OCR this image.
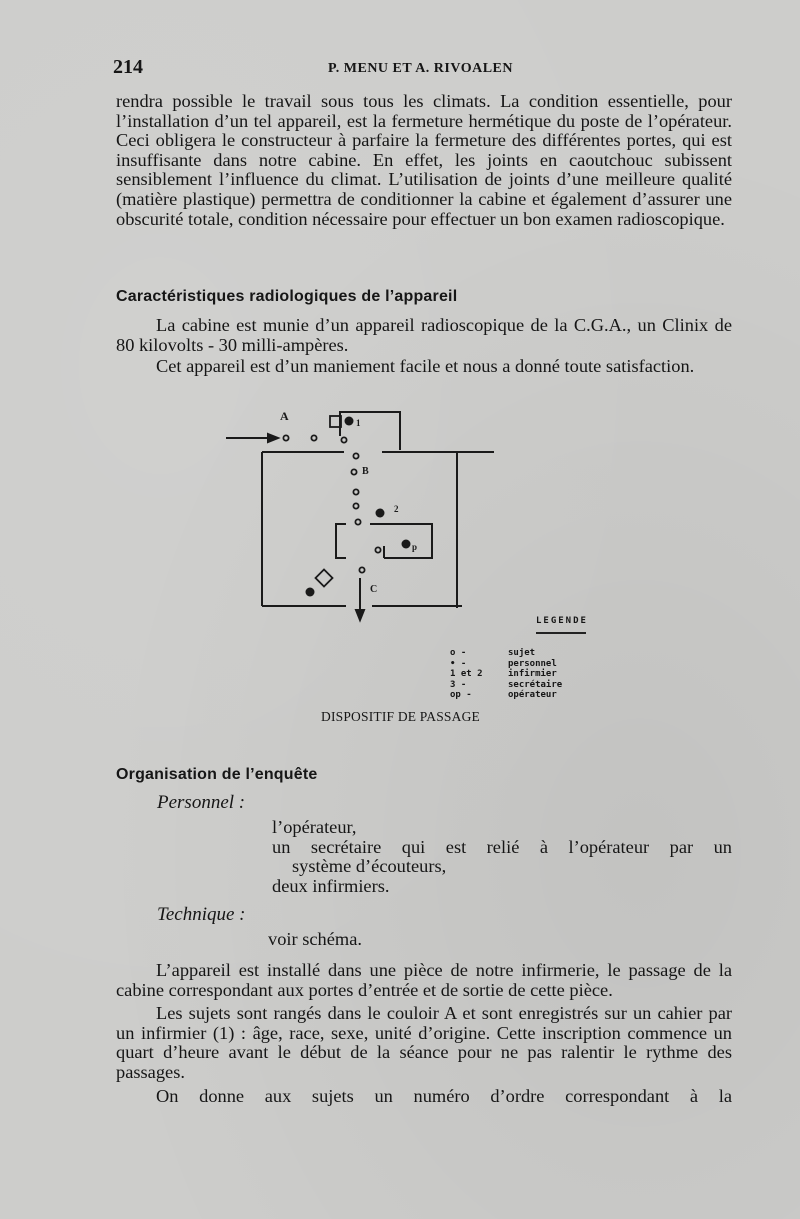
214	P. MENU ET A. RIVOALEN

rendra possible le travail sous tous les climats. La condition essentielle, pour l’installation d’un tel appareil, est la fermeture hermétique du poste de l’opérateur. Ceci obligera le constructeur à parfaire la fermeture des différentes portes, qui est insuffisante dans notre cabine. En effet, les joints en caoutchouc subissent sensiblement l’influence du climat. L’utilisation de joints d’une meilleure qualité (matière plastique) permettra de conditionner la cabine et également d’assurer une obscurité totale, condition nécessaire pour effectuer un bon examen radioscopique.

Caractéristiques radiologiques de l’appareil

La cabine est munie d’un appareil radioscopique de la C.G.A., un Clinix de 80 kilovolts - 30 milli-ampères.

Cet appareil est d’un maniement facile et nous a donné toute satisfaction.

A
B
C
1
2
3
p
LEGENDE
o -	sujet
• -	personnel
1 et 2	infirmier
3 -	secrétaire
op -	opérateur
DISPOSITIF DE PASSAGE
Organisation de l’enquête
Personnel :
l’opérateur,
un secrétaire qui est relié à l’opérateur par un
système d’écouteurs,
deux infirmiers.
Technique :
voir schéma.

L’appareil est installé dans une pièce de notre infirmerie, le passage de la cabine correspondant aux portes d’entrée et de sortie de cette pièce.

Les sujets sont rangés dans le couloir A et sont enregistrés sur un cahier par un infirmier (1) : âge, race, sexe, unité d’origine. Cette inscription commence un quart d’heure avant le début de la séance pour ne pas ralentir le rythme des passages.

On donne aux sujets un numéro d’ordre correspondant à la
